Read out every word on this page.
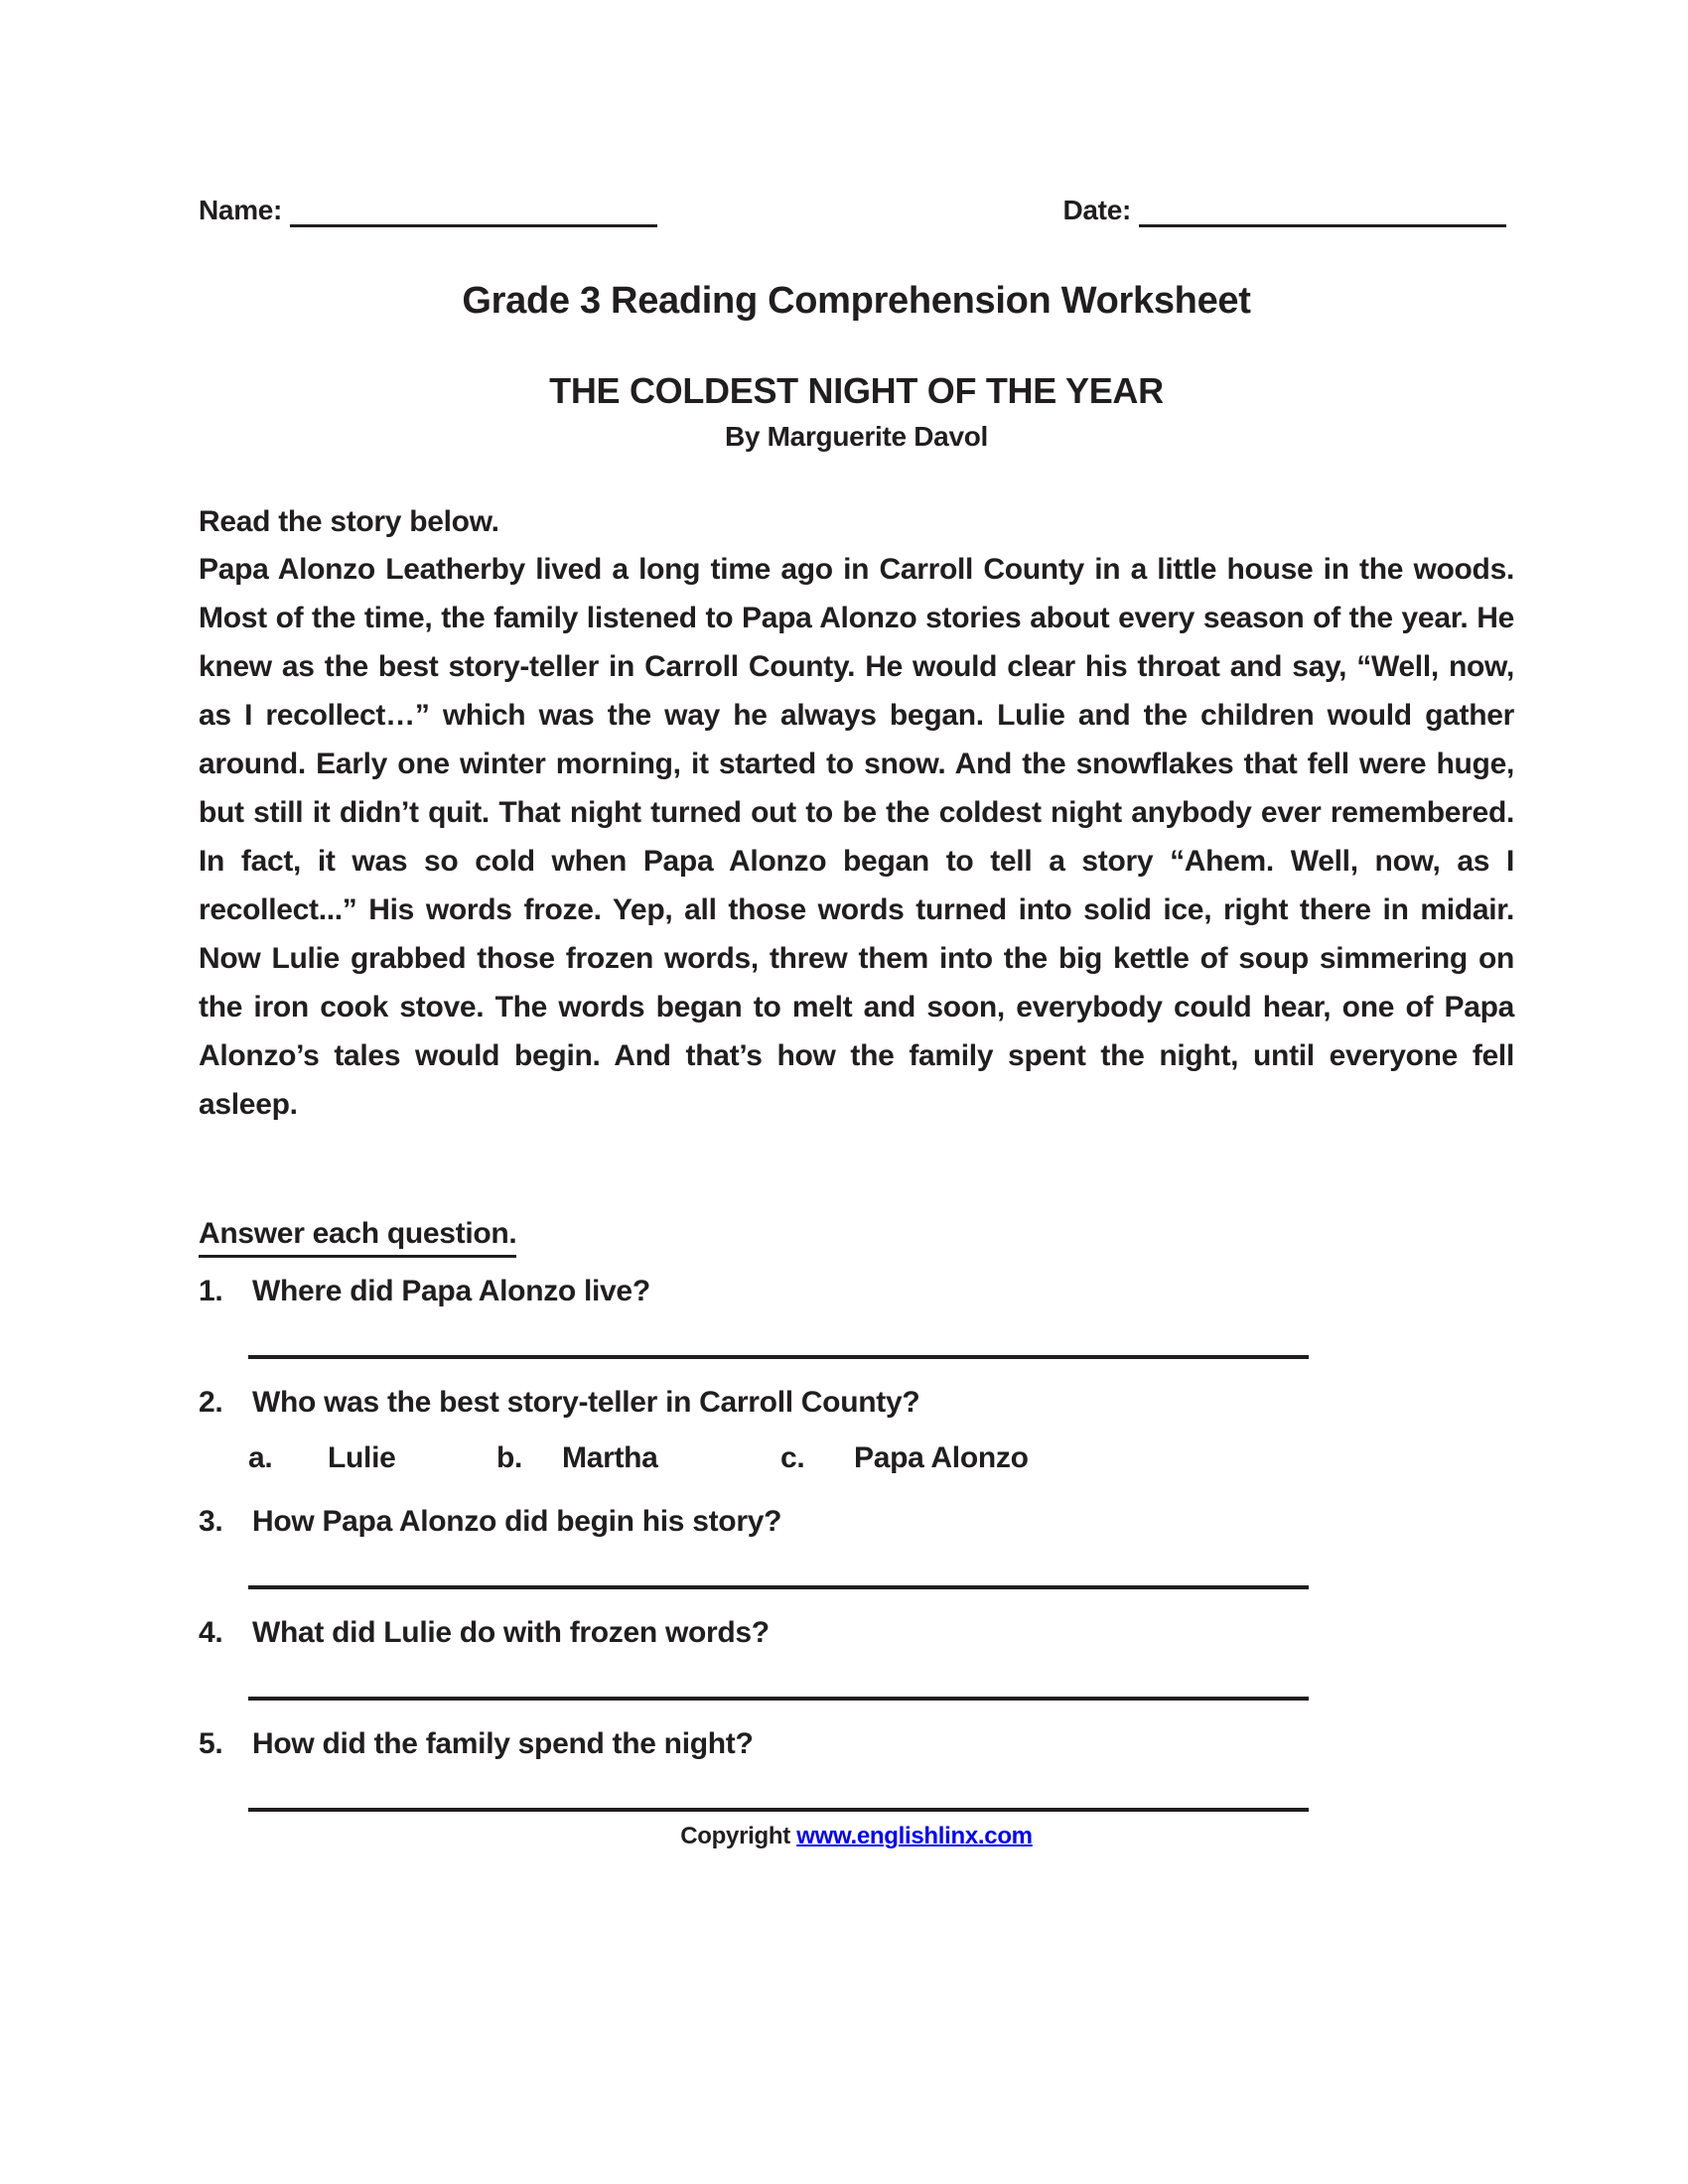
Name:	Date:
Grade 3 Reading Comprehension Worksheet
THE COLDEST NIGHT OF THE YEAR
By Marguerite Davol

Read the story below.

Papa Alonzo Leatherby lived a long time ago in Carroll County in a little house in the woods. Most of the time, the family listened to Papa Alonzo stories about every season of the year. He knew as the best story-teller in Carroll County. He would clear his throat and say, “Well, now, as I recollect…” which was the way he always began. Lulie and the children would gather around. Early one winter morning, it started to snow. And the snowflakes that fell were huge, but still it didn’t quit. That night turned out to be the coldest night anybody ever remembered. In fact, it was so cold when Papa Alonzo began to tell a story “Ahem. Well, now, as I recollect...” His words froze. Yep, all those words turned into solid ice, right there in midair. Now Lulie grabbed those frozen words, threw them into the big kettle of soup simmering on the iron cook stove. The words began to melt and soon, everybody could hear, one of Papa Alonzo’s tales would begin. And that’s how the family spent the night, until everyone fell asleep.

Answer each question.

1. Where did Papa Alonzo live?
2. Who was the best story-teller in Carroll County?
a.	Lulie	b.	Martha	c.	Papa Alonzo
3. How Papa Alonzo did begin his story?
4. What did Lulie do with frozen words?
5. How did the family spend the night?
Copyright www.englishlinx.com
